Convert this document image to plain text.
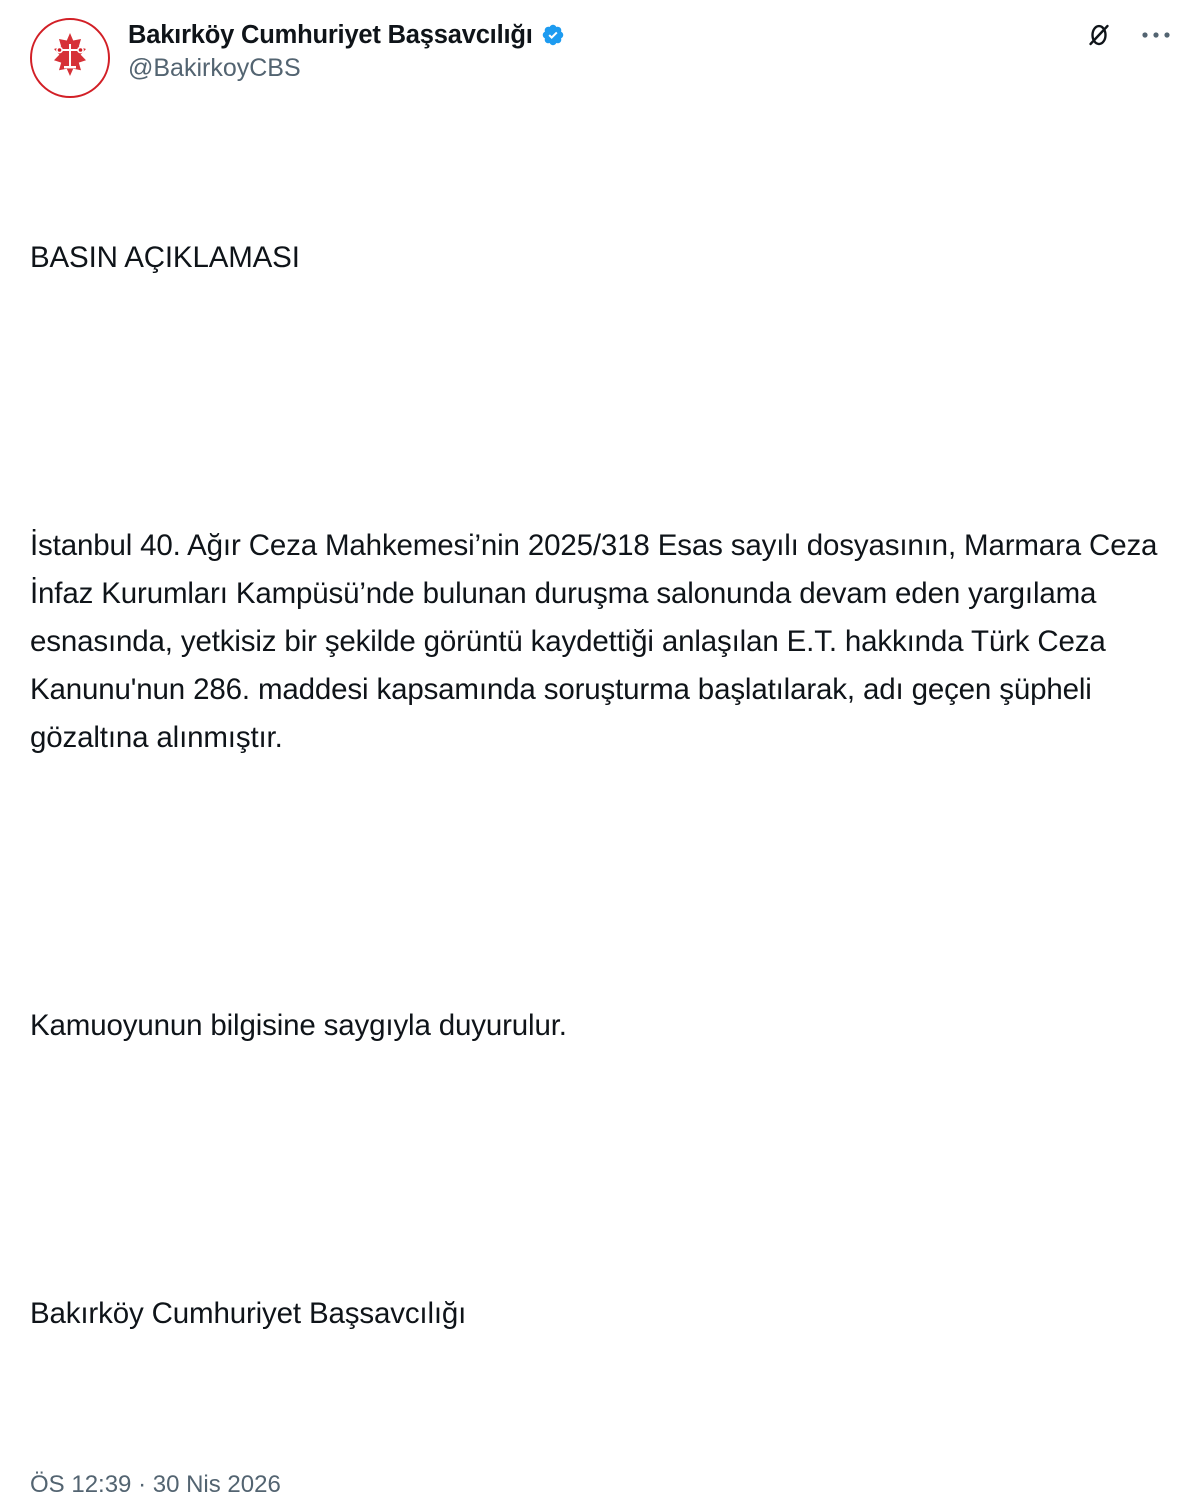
Bakırköy Cumhuriyet Başsavcılığı
@BakirkoyCBS

BASIN AÇIKLAMASI

İstanbul 40. Ağır Ceza Mahkemesi’nin 2025/318 Esas sayılı dosyasının, Marmara Ceza İnfaz Kurumları Kampüsü’nde bulunan duruşma salonunda devam eden yargılama esnasında, yetkisiz bir şekilde görüntü kaydettiği anlaşılan E.T. hakkında Türk Ceza Kanunu'nun 286. maddesi kapsamında soruşturma başlatılarak, adı geçen şüpheli gözaltına alınmıştır.

Kamuoyunun bilgisine saygıyla duyurulur.

Bakırköy Cumhuriyet Başsavcılığı

ÖS 12:39 · 30 Nis 2026
